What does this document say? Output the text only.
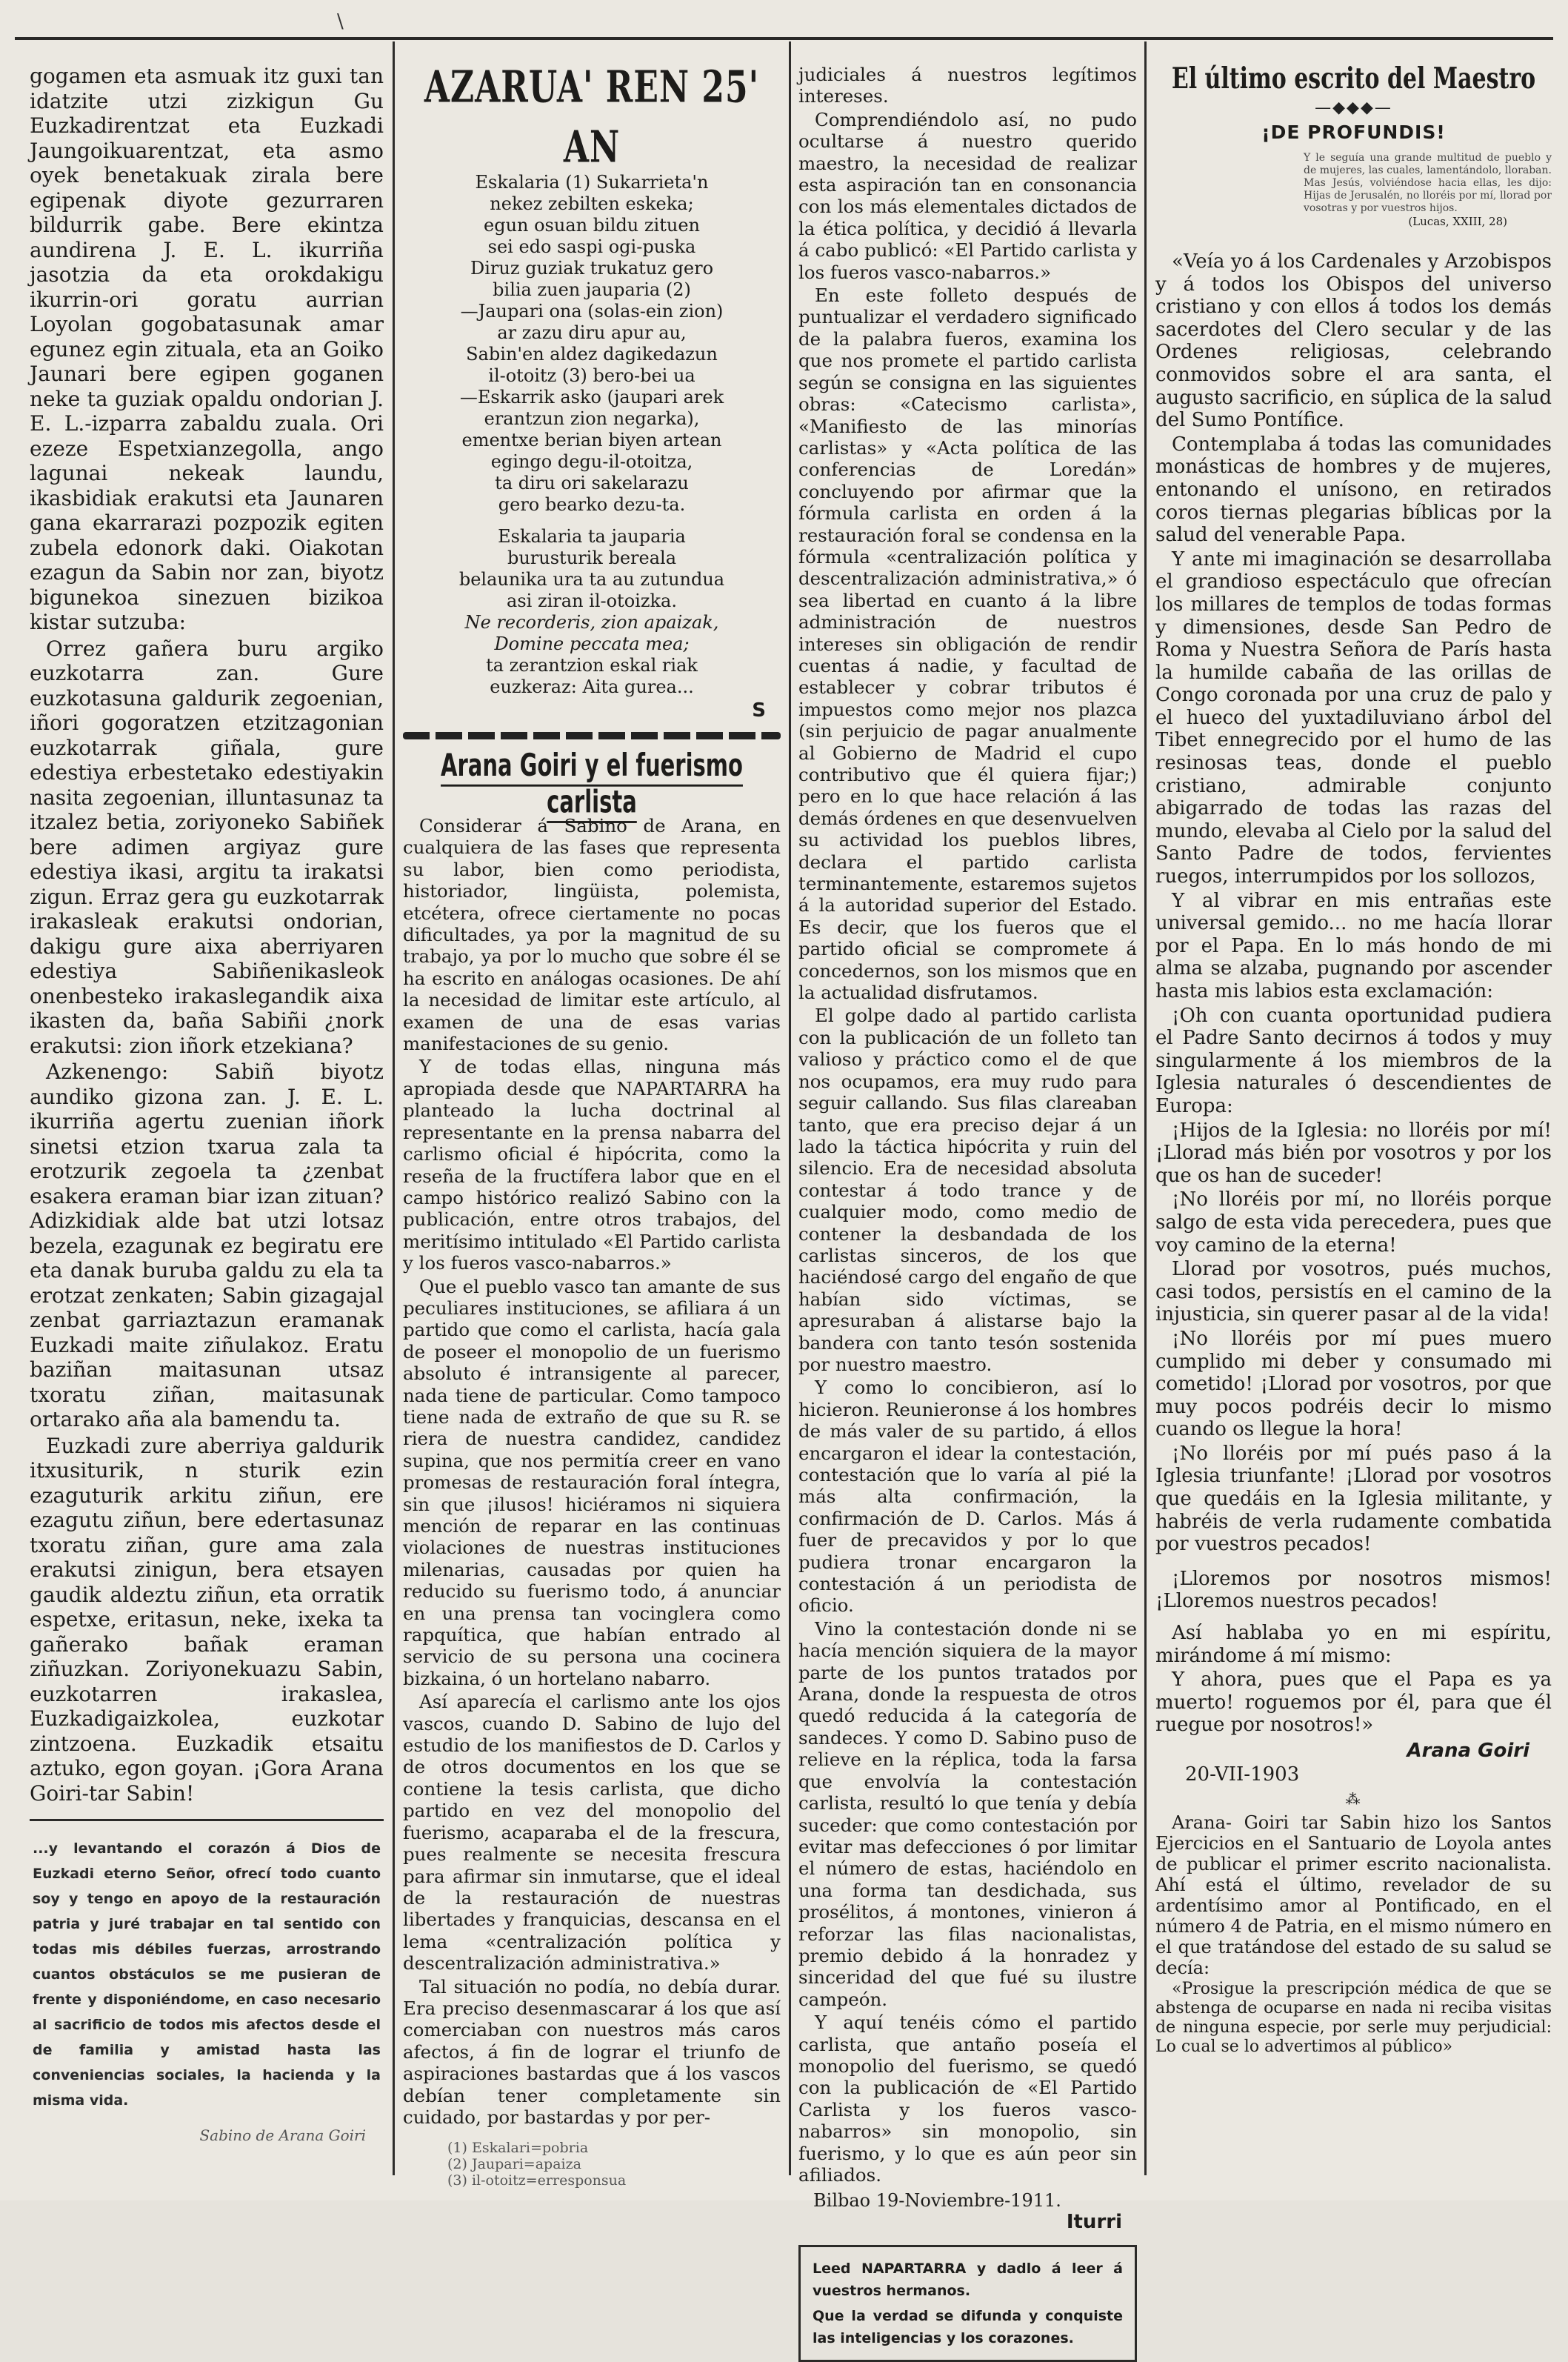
\

gogamen eta asmuak itz guxi tan idatzite utzi zizkigun Gu Euzkadirentzat eta Euzkadi Jaungoikuarentzat, eta asmo oyek benetakuak zirala bere egipenak diyote gezurraren bildurrik gabe. Bere ekintza aundirena J. E. L. ikurriña jasotzia da eta orokdakigu ikurrin-ori goratu aurrian Loyolan gogobatasunak amar egunez egin zituala, eta an Goiko Jaunari bere egipen goganen neke ta guziak opaldu ondorian J. E. L.-izparra zabaldu zuala. Ori ezeze Espetxianzegolla, ango lagunai nekeak laundu, ikasbidiak erakutsi eta Jaunaren gana ekarrarazi pozpozik egiten zubela edonork daki. Oiakotan ezagun da Sabin nor zan, biyotz bigunekoa sinezuen bizikoa kistar sutzuba:

Orrez gañera buru argiko euzkotarra zan. Gure euzkotasuna galdurik zegoenian, iñori gogoratzen etzitzagonian euzkotarrak giñala, gure edestiya erbestetako edestiyakin nasita zegoenian, illuntasunaz ta itzalez betia, zoriyoneko Sabiñek bere adimen argiyaz gure edestiya ikasi, argitu ta irakatsi zigun. Erraz gera gu euzkotarrak irakasleak erakutsi ondorian, dakigu gure aixa aberriyaren edestiya Sabiñenikasleok onenbesteko irakaslegandik aixa ikasten da, baña Sabiñi ¿nork erakutsi: zion iñork etzekiana?

Azkenengo: Sabiñ biyotz aundiko gizona zan. J. E. L. ikurriña agertu zuenian iñork sinetsi etzion txarua zala ta erotzurik zegoela ta ¿zenbat esakera eraman biar izan zituan? Adizkidiak alde bat utzi lotsaz bezela, ezagunak ez begiratu ere eta danak buruba galdu zu ela ta erotzat zenkaten; Sabin gizagajal zenbat garriaztazun eramanak Euzkadi maite ziñulakoz. Eratu baziñan maitasunan utsaz txoratu ziñan, maitasunak ortarako aña ala bamendu ta.

Euzkadi zure aberriya galdurik itxusiturik, n sturik ezin ezaguturik arkitu ziñun, ere ezagutu ziñun, bere edertasunaz txoratu ziñan, gure ama zala erakutsi zinigun, bera etsayen gaudik aldeztu ziñun, eta orratik espetxe, eritasun, neke, ixeka ta gañerako bañak eraman ziñuzkan. Zoriyonekuazu Sabin, euzkotarren irakaslea, Euzkadigaizkolea, euzkotar zintzoena. Euzkadik etsaitu aztuko, egon goyan. ¡Gora Arana Goiri-tar Sabin!

...y levantando el corazón á Dios de Euzkadi eterno Señor, ofrecí todo cuanto soy y tengo en apoyo de la restauración patria y juré trabajar en tal sentido con todas mis débiles fuerzas, arrostrando cuantos obstáculos se me pusieran de frente y disponiéndome, en caso necesario al sacrificio de todos mis afectos desde el de familia y amistad hasta las conveniencias sociales, la hacienda y la misma vida.

Sabino de Arana Goiri

AZARUA' REN 25' AN
Eskalaria (1) Sukarrieta'n
nekez zebilten eskeka;
egun osuan bildu zituen
sei edo saspi ogi-puska
Diruz guziak trukatuz gero
bilia zuen jauparia (2)
—Jaupari ona (solas-ein zion)
ar zazu diru apur au,
Sabin'en aldez dagikedazun
il-otoitz (3) bero-bei ua
—Eskarrik asko (jaupari arek
erantzun zion negarka),
ementxe berian biyen artean
egingo degu-il-otoitza,
ta diru ori sakelarazu
gero bearko dezu-ta.
Eskalaria ta jauparia
burusturik bereala
belaunika ura ta au zutundua
asi ziran il-otoizka.
Ne recorderis, zion apaizak,
Domine peccata mea;
ta zerantzion eskal riak
euzkeraz: Aita gurea...
S
Arana Goiri y el fuerismo carlista

Considerar á Sabino de Arana, en cualquiera de las fases que representa su labor, bien como periodista, historiador, lingüista, polemista, etcétera, ofrece ciertamente no pocas dificultades, ya por la magnitud de su trabajo, ya por lo mucho que sobre él se ha escrito en análogas ocasiones. De ahí la necesidad de limitar este artículo, al examen de una de esas varias manifestaciones de su genio.

Y de todas ellas, ninguna más apropiada desde que NAPARTARRA ha planteado la lucha doctrinal al representante en la prensa nabarra del carlismo oficial é hipócrita, como la reseña de la fructífera labor que en el campo histórico realizó Sabino con la publicación, entre otros trabajos, del meritísimo intitulado «El Partido carlista y los fueros vasco-nabarros.»

Que el pueblo vasco tan amante de sus peculiares instituciones, se afiliara á un partido que como el carlista, hacía gala de poseer el monopolio de un fuerismo absoluto é intransigente al parecer, nada tiene de particular. Como tampoco tiene nada de extraño de que su R. se riera de nuestra candidez, candidez supina, que nos permitía creer en vano promesas de restauración foral íntegra, sin que ¡ilusos! hiciéramos ni siquiera mención de reparar en las continuas violaciones de nuestras instituciones milenarias, causadas por quien ha reducido su fuerismo todo, á anunciar en una prensa tan vocinglera como rapquítica, que habían entrado al servicio de su persona una cocinera bizkaina, ó un hortelano nabarro.

Así aparecía el carlismo ante los ojos vascos, cuando D. Sabino de lujo del estudio de los manifiestos de D. Carlos y de otros documentos en los que se contiene la tesis carlista, que dicho partido en vez del monopolio del fuerismo, acaparaba el de la frescura, pues realmente se necesita frescura para afirmar sin inmutarse, que el ideal de la restauración de nuestras libertades y franquicias, descansa en el lema «centralización política y descentralización administrativa.»

Tal situación no podía, no debía durar. Era preciso desenmascarar á los que así comerciaban con nuestros más caros afectos, á fin de lograr el triunfo de aspiraciones bastardas que á los vascos debían tener completamente sin cuidado, por bastardas y por per-

(1) Eskalari=pobria
(2) Jaupari=apaiza
(3) il-otoitz=erresponsua

judiciales á nuestros legítimos intereses.

Comprendiéndolo así, no pudo ocultarse á nuestro querido maestro, la necesidad de realizar esta aspiración tan en consonancia con los más elementales dictados de la ética política, y decidió á llevarla á cabo publicó: «El Partido carlista y los fueros vasco-nabarros.»

En este folleto después de puntualizar el verdadero significado de la palabra fueros, examina los que nos promete el partido carlista según se consigna en las siguientes obras: «Catecismo carlista», «Manifiesto de las minorías carlistas» y «Acta política de las conferencias de Loredán» concluyendo por afirmar que la fórmula carlista en orden á la restauración foral se condensa en la fórmula «centralización política y descentralización administrativa,» ó sea libertad en cuanto á la libre administración de nuestros intereses sin obligación de rendir cuentas á nadie, y facultad de establecer y cobrar tributos é impuestos como mejor nos plazca (sin perjuicio de pagar anualmente al Gobierno de Madrid el cupo contributivo que él quiera fijar;) pero en lo que hace relación á las demás órdenes en que desenvuelven su actividad los pueblos libres, declara el partido carlista terminantemente, estaremos sujetos á la autoridad superior del Estado. Es decir, que los fueros que el partido oficial se compromete á concedernos, son los mismos que en la actualidad disfrutamos.

El golpe dado al partido carlista con la publicación de un folleto tan valioso y práctico como el de que nos ocupamos, era muy rudo para seguir callando. Sus filas clareaban tanto, que era preciso dejar á un lado la táctica hipócrita y ruin del silencio. Era de necesidad absoluta contestar á todo trance y de cualquier modo, como medio de contener la desbandada de los carlistas sinceros, de los que haciéndosé cargo del engaño de que habían sido víctimas, se apresuraban á alistarse bajo la bandera con tanto tesón sostenida por nuestro maestro.

Y como lo concibieron, así lo hicieron. Reunieronse á los hombres de más valer de su partido, á ellos encargaron el idear la contestación, contestación que lo varía al pié la más alta confirmación, la confirmación de D. Carlos. Más á fuer de precavidos y por lo que pudiera tronar encargaron la contestación á un periodista de oficio.

Vino la contestación donde ni se hacía mención siquiera de la mayor parte de los puntos tratados por Arana, donde la respuesta de otros quedó reducida á la categoría de sandeces. Y como D. Sabino puso de relieve en la réplica, toda la farsa que envolvía la contestación carlista, resultó lo que tenía y debía suceder: que como contestación por evitar mas defecciones ó por limitar el número de estas, haciéndolo en una forma tan desdichada, sus prosélitos, á montones, vinieron á reforzar las filas nacionalistas, premio debido á la honradez y sinceridad del que fué su ilustre campeón.

Y aquí tenéis cómo el partido carlista, que antaño poseía el monopolio del fuerismo, se quedó con la publicación de «El Partido Carlista y los fueros vasco-nabarros» sin monopolio, sin fuerismo, y lo que es aún peor sin afiliados.

Bilbao 19-Noviembre-1911.

Iturri

Leed NAPARTARRA y dadlo á leer á vuestros hermanos.

Que la verdad se difunda y conquiste las inteligencias y los corazones.

El último escrito del Maestro
—◆◆◆—
¡DE PROFUNDIS!

Y le seguía una grande multitud de pueblo y de mujeres, las cuales, lamentándolo, lloraban. Mas Jesús, volviéndose hacia ellas, les dijo: Hijas de Jerusalén, no lloréis por mí, llorad por vosotras y por vuestros hijos.

(Lucas, XXIII, 28)

«Veía yo á los Cardenales y Arzobispos y á todos los Obispos del universo cristiano y con ellos á todos los demás sacerdotes del Clero secular y de las Ordenes religiosas, celebrando conmovidos sobre el ara santa, el augusto sacrificio, en súplica de la salud del Sumo Pontífice.

Contemplaba á todas las comunidades monásticas de hombres y de mujeres, entonando el unísono, en retirados coros tiernas plegarias bíblicas por la salud del venerable Papa.

Y ante mi imaginación se desarrollaba el grandioso espectáculo que ofrecían los millares de templos de todas formas y dimensiones, desde San Pedro de Roma y Nuestra Señora de París hasta la humilde cabaña de las orillas de Congo coronada por una cruz de palo y el hueco del yuxtadiluviano árbol del Tibet ennegrecido por el humo de las resinosas teas, donde el pueblo cristiano, admirable conjunto abigarrado de todas las razas del mundo, elevaba al Cielo por la salud del Santo Padre de todos, fervientes ruegos, interrumpidos por los sollozos,

Y al vibrar en mis entrañas este universal gemido... no me hacía llorar por el Papa. En lo más hondo de mi alma se alzaba, pugnando por ascender hasta mis labios esta exclamación:

¡Oh con cuanta oportunidad pudiera el Padre Santo decirnos á todos y muy singularmente á los miembros de la Iglesia naturales ó descendientes de Europa:

¡Hijos de la Iglesia: no lloréis por mí! ¡Llorad más bién por vosotros y por los que os han de suceder!

¡No lloréis por mí, no lloréis porque salgo de esta vida perecedera, pues que voy camino de la eterna!

Llorad por vosotros, pués muchos, casi todos, persistís en el camino de la injusticia, sin querer pasar al de la vida!

¡No lloréis por mí pues muero cumplido mi deber y consumado mi cometido! ¡Llorad por vosotros, por que muy pocos podréis decir lo mismo cuando os llegue la hora!

¡No lloréis por mí pués paso á la Iglesia triunfante! ¡Llorad por vosotros que quedáis en la Iglesia militante, y habréis de verla rudamente combatida por vuestros pecados!

¡Lloremos por nosotros mismos! ¡Lloremos nuestros pecados!

Así hablaba yo en mi espíritu, mirándome á mí mismo:

Y ahora, pues que el Papa es ya muerto! roguemos por él, para que él ruegue por nosotros!»

Arana Goiri

20-VII-1903

⁂

Arana- Goiri tar Sabin hizo los Santos Ejercicios en el Santuario de Loyola antes de publicar el primer escrito nacionalista. Ahí está el último, revelador de su ardentísimo amor al Pontificado, en el número 4 de Patria, en el mismo número en el que tratándose del estado de su salud se decía:

«Prosigue la prescripción médica de que se abstenga de ocuparse en nada ni reciba visitas de ninguna especie, por serle muy perjudicial: Lo cual se lo advertimos al público»
